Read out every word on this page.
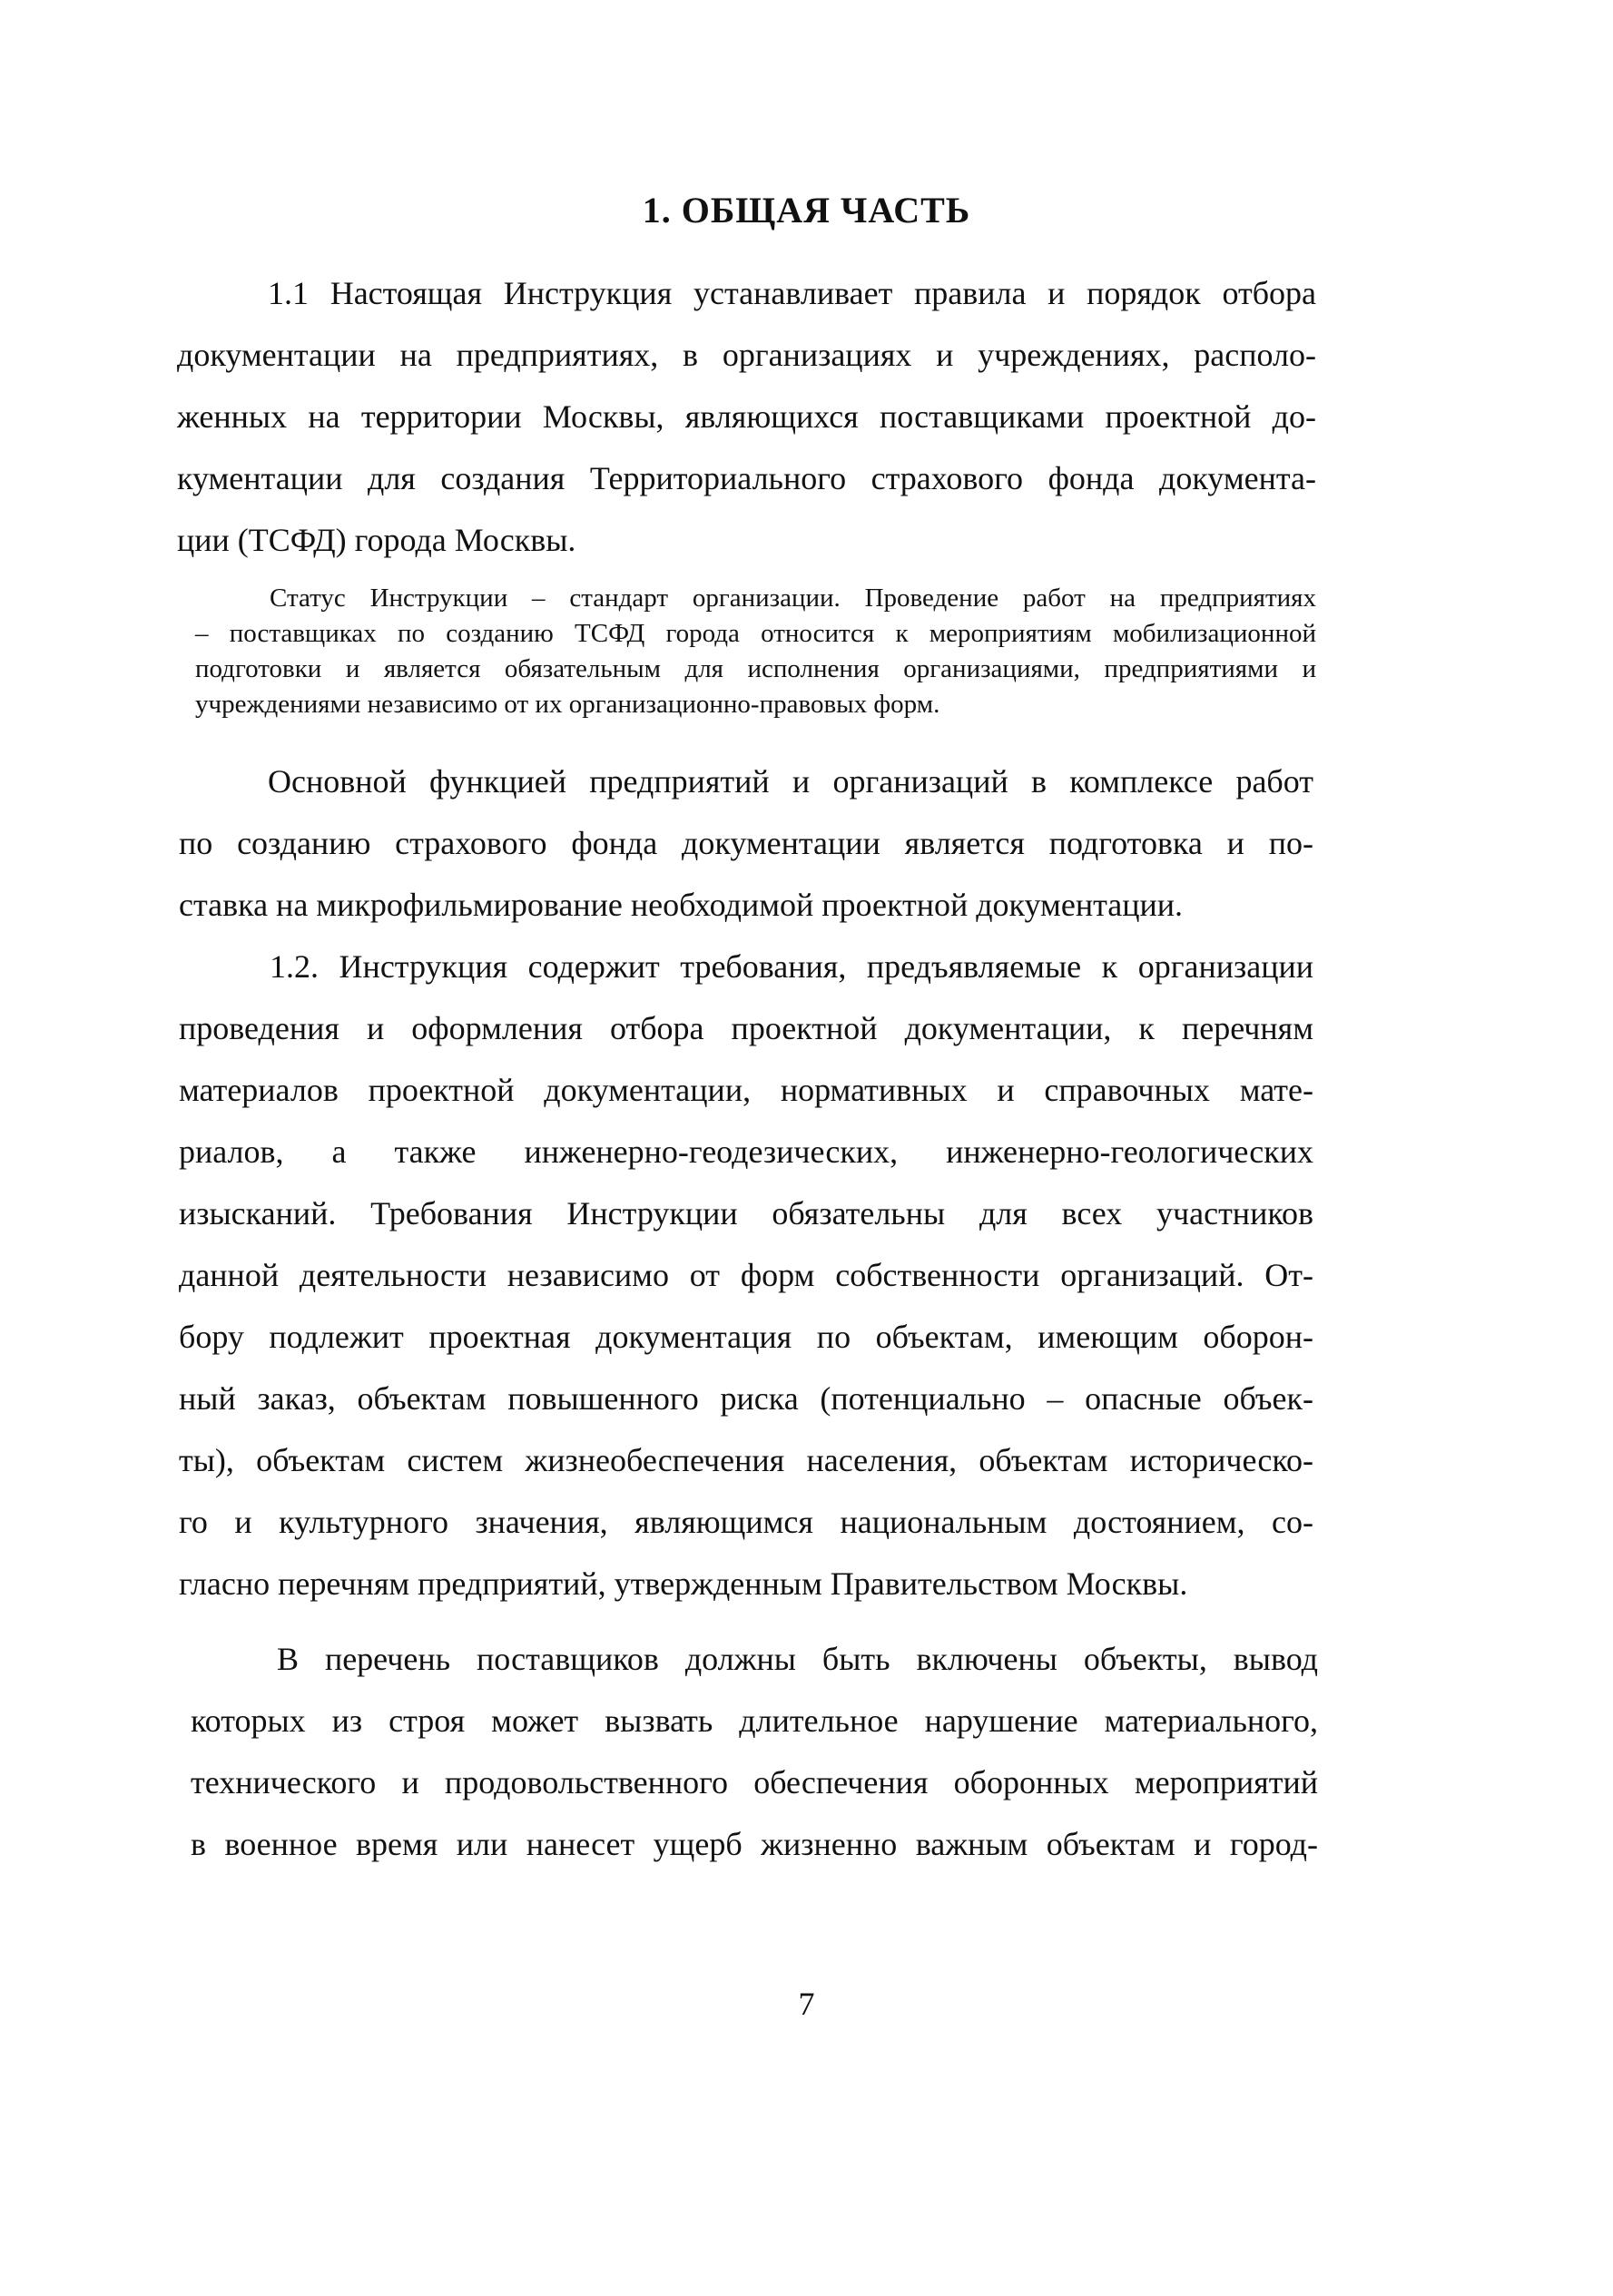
1. ОБЩАЯ ЧАСТЬ
1.1 Настоящая Инструкция устанавливает правила и порядок отбора
документации на предприятиях, в организациях и учреждениях, располо-
женных на территории Москвы, являющихся поставщиками проектной до-
кументации для создания Территориального страхового фонда документа-
ции (ТСФД) города Москвы.
Статус Инструкции – стандарт организации. Проведение работ на предприятиях
– поставщиках по созданию ТСФД города относится к мероприятиям мобилизационной
подготовки и является обязательным для исполнения организациями, предприятиями и
учреждениями независимо от их организационно-правовых форм.
Основной функцией предприятий и организаций в комплексе работ
по созданию страхового фонда документации является подготовка и по-
ставка на микрофильмирование необходимой проектной документации.
1.2. Инструкция содержит требования, предъявляемые к организации
проведения и оформления отбора проектной документации, к перечням
материалов проектной документации, нормативных и справочных мате-
риалов, а также инженерно-геодезических, инженерно-геологических
изысканий. Требования Инструкции обязательны для всех участников
данной деятельности независимо от форм собственности организаций. От-
бору подлежит проектная документация по объектам, имеющим оборон-
ный заказ, объектам повышенного риска (потенциально – опасные объек-
ты), объектам систем жизнеобеспечения населения, объектам историческо-
го и культурного значения, являющимся национальным достоянием, со-
гласно перечням предприятий, утвержденным Правительством Москвы.
В перечень поставщиков должны быть включены объекты, вывод
которых из строя может вызвать длительное нарушение материального,
технического и продовольственного обеспечения оборонных мероприятий
в военное время или нанесет ущерб жизненно важным объектам и город-
7
